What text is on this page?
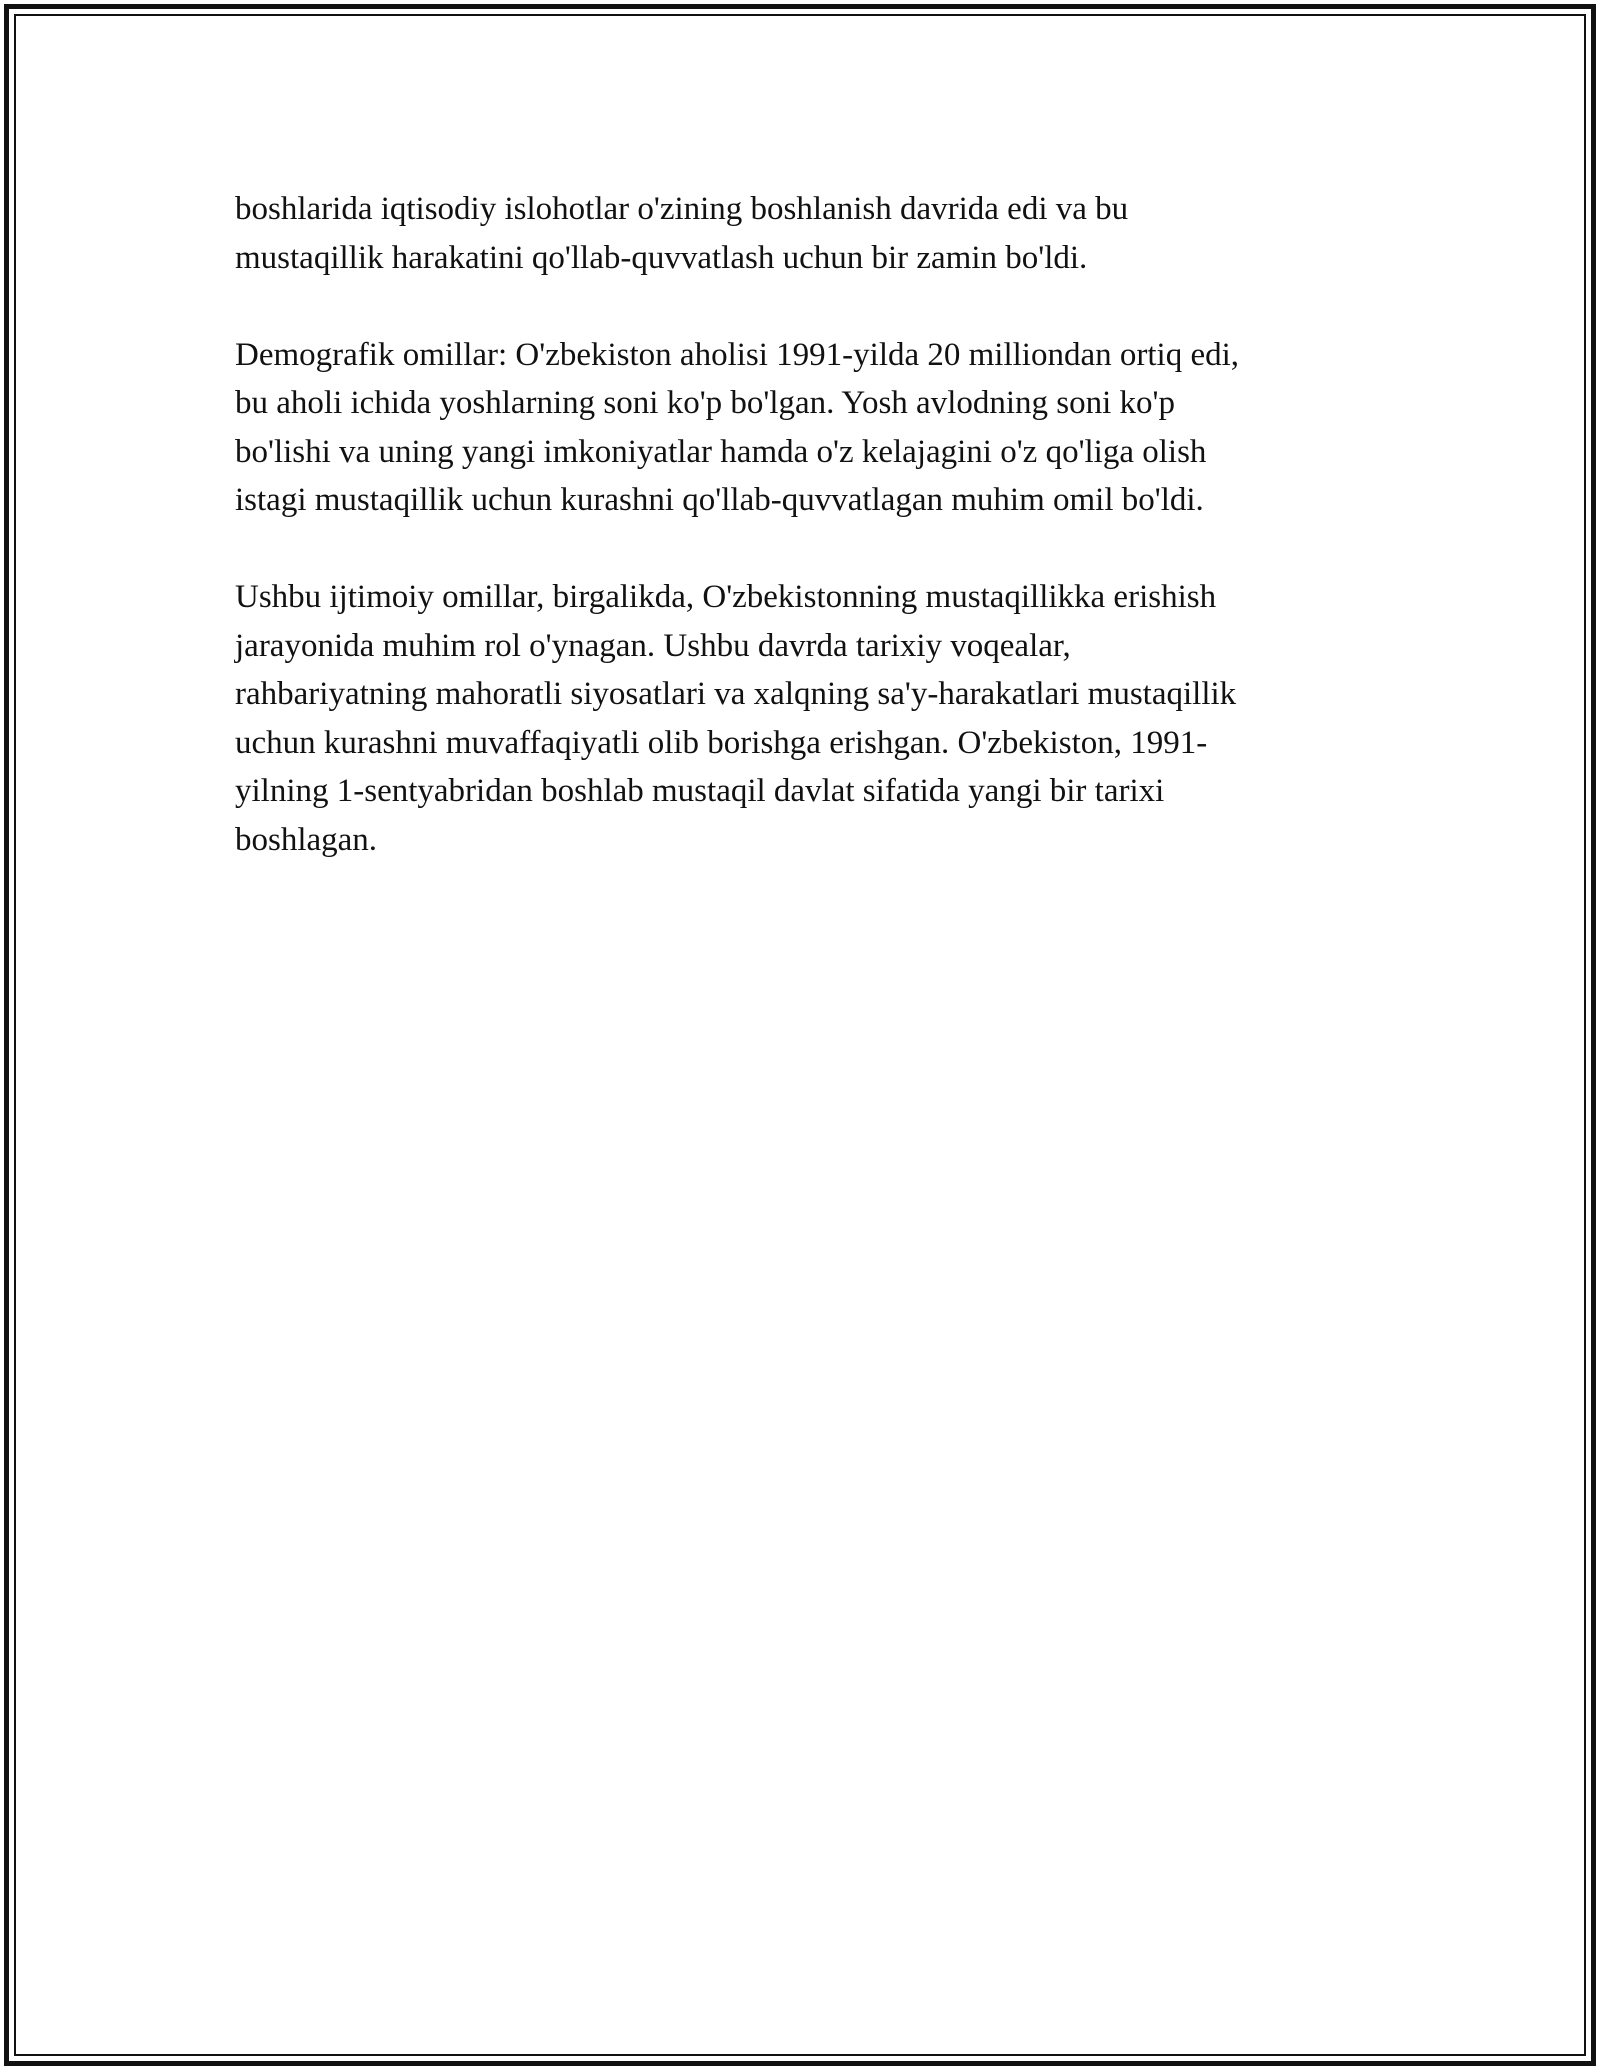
boshlarida iqtisodiy islohotlar o'zining boshlanish davrida edi va bu
mustaqillik harakatini qo'llab-quvvatlash uchun bir zamin bo'ldi.

Demografik omillar: O'zbekiston aholisi 1991-yilda 20 milliondan ortiq edi,
bu aholi ichida yoshlarning soni ko'p bo'lgan. Yosh avlodning soni ko'p
bo'lishi va uning yangi imkoniyatlar hamda o'z kelajagini o'z qo'liga olish
istagi mustaqillik uchun kurashni qo'llab-quvvatlagan muhim omil bo'ldi.

Ushbu ijtimoiy omillar, birgalikda, O'zbekistonning mustaqillikka erishish
jarayonida muhim rol o'ynagan. Ushbu davrda tarixiy voqealar,
rahbariyatning mahoratli siyosatlari va xalqning sa'y-harakatlari mustaqillik
uchun kurashni muvaffaqiyatli olib borishga erishgan. O'zbekiston, 1991-
yilning 1-sentyabridan boshlab mustaqil davlat sifatida yangi bir tarixi
boshlagan.
